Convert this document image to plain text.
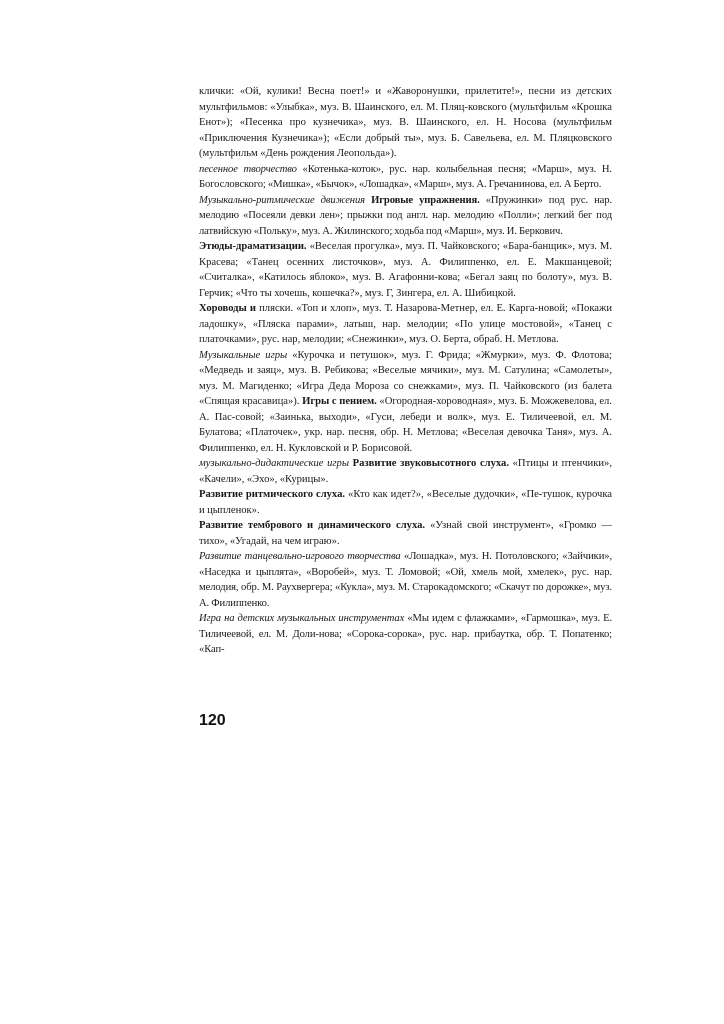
клички: «Ой, кулики! Весна поет!» и «Жаворонушки, прилетите!», песни из детских мультфильмов: «Улыбка», муз. В. Шаинского, ел. М. Пляц-ковского (мультфильм «Крошка Енот»); «Песенка про кузнечика», муз. В. Шаинского, ел. Н. Носова (мультфильм «Приключения Кузнечика»); «Если добрый ты», муз. Б. Савельева, ел. М. Пляцковского (мультфильм «День рождения Леопольда»).

песенное творчество «Котенька-коток», рус. нар. колыбельная песня; «Марш», муз. Н. Богословского; «Мишка», «Бычок», «Лошадка», «Марш», муз. А. Гречанинова, ел. А Берто.

Музыкально-ритмические движения Игровые упражнения. «Пружинки» под рус. нар. мелодию «Посеяли девки лен»; прыжки под англ. нар. мелодию «Полли»; легкий бег под латвийскую «Польку», муз. А. Жилинского; ходьба под «Марш», муз. И. Беркович.

Этюды-драматизации. «Веселая прогулка», муз. П. Чайковского; «Бара-банщик», муз. М. Красева; «Танец осенних листочков», муз. А. Филиппенко, ел. Е. Макшанцевой; «Считалка», «Катилось яблоко», муз. В. Агафонни-кова; «Бегал заяц по болоту», муз. В. Герчик; «Что ты хочешь, кошечка?», муз. Г, Зингера, ел. А. Шибицкой.

Хороводы и пляски. «Топ и хлоп», муз. Т. Назарова-Метнер, ел. Е. Карга-новой; «Покажи ладошку», «Пляска парами», латыш, нар. мелодии; «По улице мостовой», «Танец с платочками», рус. нар, мелодии; «Снежинки», муз. О. Берта, обраб. Н. Метлова.

Музыкальные игры «Курочка и петушок», муз. Г. Фрида; «Жмурки», муз. Ф. Флотова; «Медведь и заяц», муз. В. Ребикова; «Веселые мячики», муз. М. Сатулина; «Самолеты», муз. М. Магиденко; «Игра Деда Мороза со снежками», муз. П. Чайковского (из балета «Спящая красавица»). Игры с пением. «Огородная-хороводная», муз. Б. Можжевелова, ел. А. Пас-совой; «Заинька, выходи», «Гуси, лебеди и волк», муз. Е. Тиличеевой, ел. М. Булатова; «Платочек», укр. нар. песня, обр. Н. Метлова; «Веселая девочка Таня», муз. А. Филиппенко, ел. Н. Кукловской и Р. Борисовой.

музыкально-дидактические игры Развитие звуковысотного слуха. «Птицы и птенчики», «Качели», «Эхо», «Курицы».

Развитие ритмического слуха. «Кто как идет?», «Веселые дудочки», «Пе-тушок, курочка и цыпленок».

Развитие тембрового и динамического слуха. «Узнай свой инструмент», «Громко — тихо», «Угадай, на чем играю».

Развитие танцевально-игрового творчества «Лошадка», муз. Н. Потоловского; «Зайчики», «Наседка и цыплята», «Воробей», муз. Т. Ломовой; «Ой, хмель мой, хмелек», рус. нар. мелодия, обр. М. Раухвергера; «Кукла», муз. М. Старокадомского; «Скачут по дорожке», муз. А. Филиппенко.

Игра на детских музыкальных инструментах «Мы идем с флажками», «Гармошка», муз. Е. Тиличеевой, ел. М. Доли-нова; «Сорока-сорока», рус. нар. прибаутка, обр. Т. Попатенко; «Кап-

120
